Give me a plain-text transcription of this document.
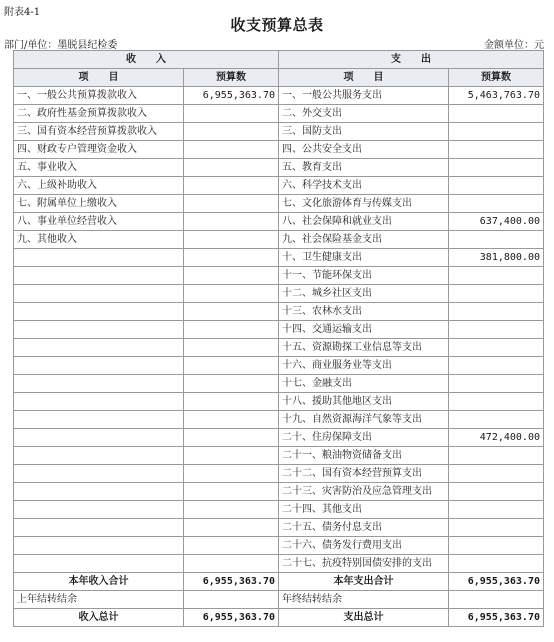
附表4-1
收支预算总表
部门/单位：墨脱县纪检委	金额单位：元
收　　入		支　　出	
项　　目	预算数	项　　目	预算数
一、一般公共预算拨款收入	6,955,363.70	一、一般公共服务支出	5,463,763.70
二、政府性基金预算拨款收入		二、外交支出	
三、国有资本经营预算拨款收入		三、国防支出	
四、财政专户管理资金收入		四、公共安全支出	
五、事业收入		五、教育支出	
六、上级补助收入		六、科学技术支出	
七、附属单位上缴收入		七、文化旅游体育与传媒支出	
八、事业单位经营收入		八、社会保障和就业支出	637,400.00
九、其他收入		九、社会保险基金支出	
		十、卫生健康支出	381,800.00
		十一、节能环保支出	
		十二、城乡社区支出	
		十三、农林水支出	
		十四、交通运输支出	
		十五、资源勘探工业信息等支出	
		十六、商业服务业等支出	
		十七、金融支出	
		十八、援助其他地区支出	
		十九、自然资源海洋气象等支出	
		二十、住房保障支出	472,400.00
		二十一、粮油物资储备支出	
		二十二、国有资本经营预算支出	
		二十三、灾害防治及应急管理支出	
		二十四、其他支出	
		二十五、债务付息支出	
		二十六、债务发行费用支出	
		二十七、抗疫特别国债安排的支出	
本年收入合计	6,955,363.70	本年支出合计	6,955,363.70
上年结转结余		年终结转结余	
收入总计	6,955,363.70	支出总计	6,955,363.70
